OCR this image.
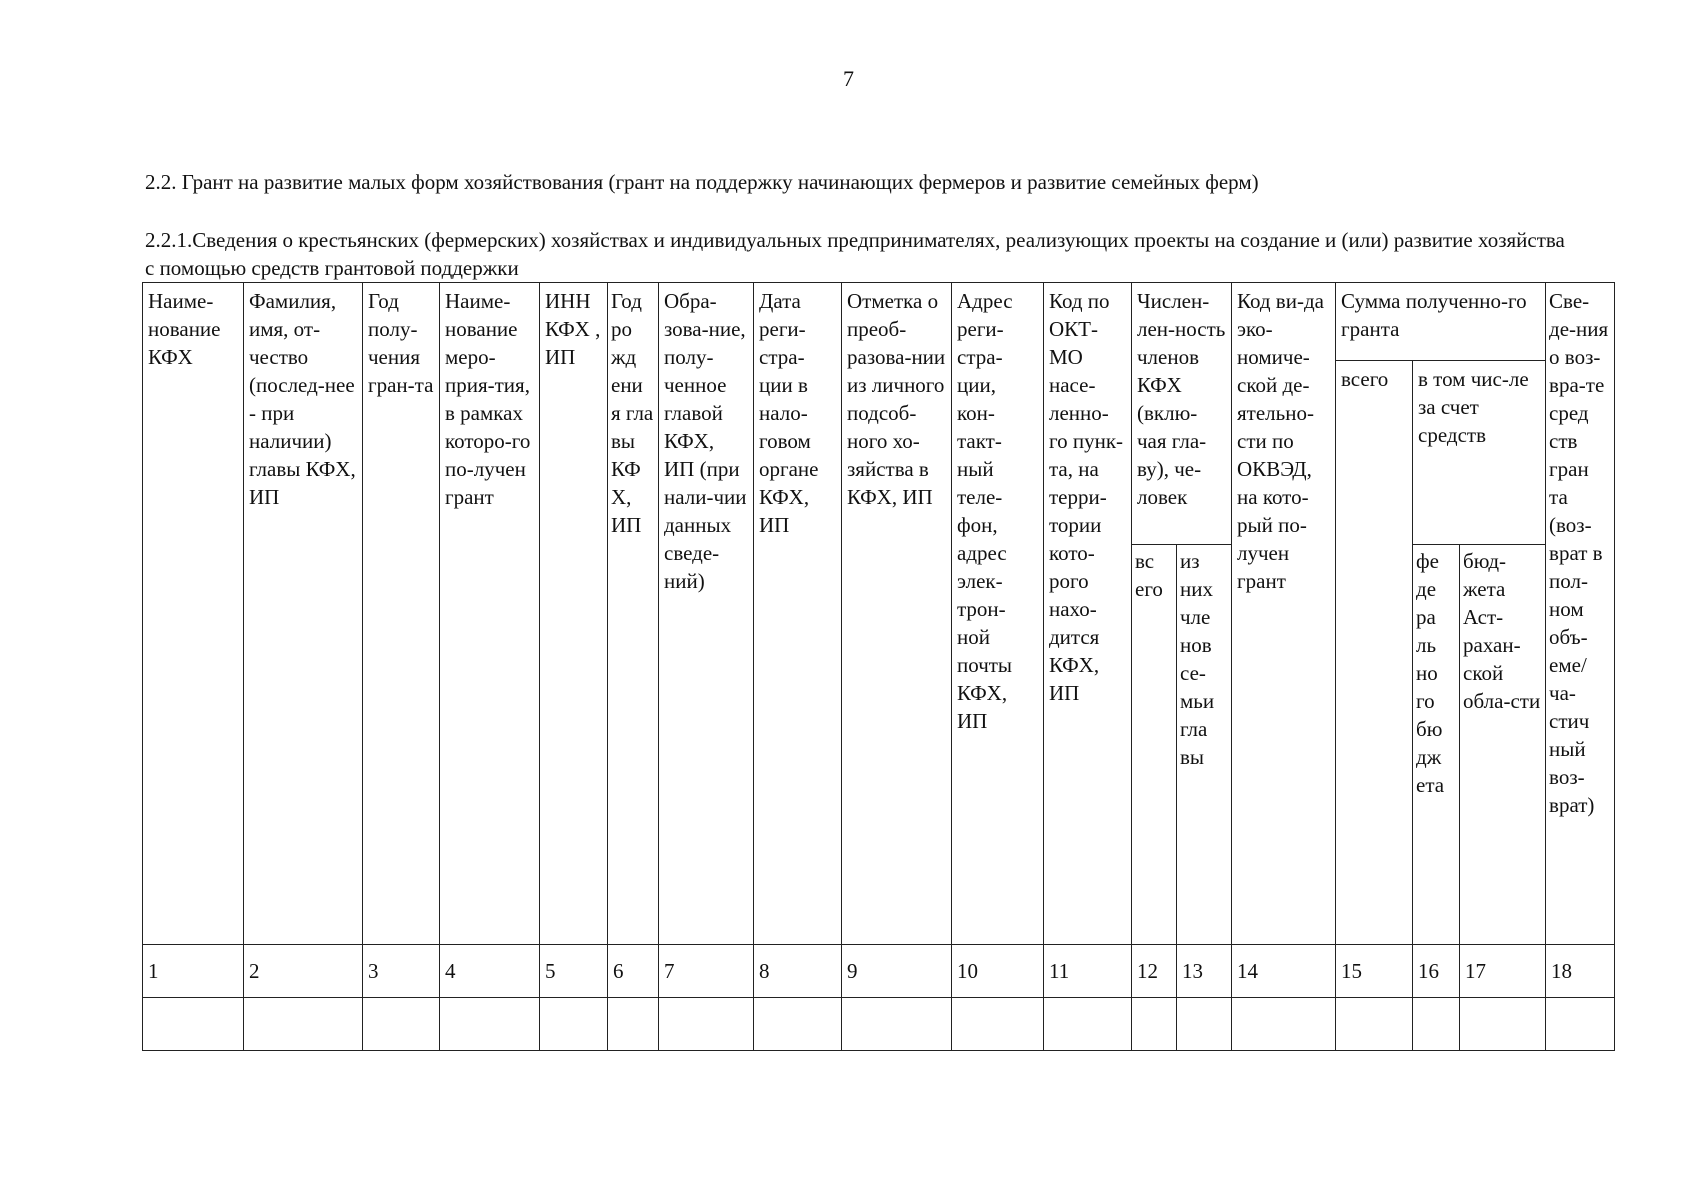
7
2.2. Грант на развитие малых форм хозяйствования (грант на поддержку начинающих фермеров и развитие семейных ферм)
2.2.1.Сведения о крестьянских (фермерских) хозяйствах и индивидуальных предпринимателях, реализующих проекты на создание и (или) развитие хозяйства с помощью средств грантовой поддержки
Наиме-нование КФХ	Фамилия, имя, от-чество (послед-нее - при наличии) главы КФХ, ИП	Год полу-чения гран-та	Наиме-нование меро-прия-тия, в рамках которо-го по-лучен грант	ИНН КФХ , ИП	Год ро жд ени я гла вы КФ Х, ИП	Обра-зова-ние, полу-ченное главой КФХ, ИП (при нали-чии данных сведе-ний)	Дата реги-стра-ции в нало-говом органе КФХ, ИП	Отметка о преоб-разова-нии из личного подсоб-ного хо-зяйства в КФХ, ИП	Адрес реги-стра-ции, кон-такт-ный теле-фон, адрес элек-трон-ной почты КФХ, ИП	Код по ОКТ-МО насе-ленно-го пунк-та, на терри-тории кото-рого нахо-дится КФХ, ИП	Числен-лен-ность членов КФХ (вклю-чая гла-ву), че-ловек		Код ви-да эко-номиче-ской де-ятельно-сти по ОКВЭД, на кото-рый по-лучен грант	Сумма полученно-го гранта			Све-де-ния о воз-вра-те сред ств гран та (воз-врат в пол-ном объ-еме/ ча-стич ный воз-врат)
														всего	в том чис-ле за счет средств		
											вс его	из них чле нов се-мьи гла вы			фе де ра ль но го бю дж ета	бюд-жета Аст-рахан-ской обла-сти	
1	2	3	4	5	6	7	8	9	10	11	12	13	14	15	16	17	18
